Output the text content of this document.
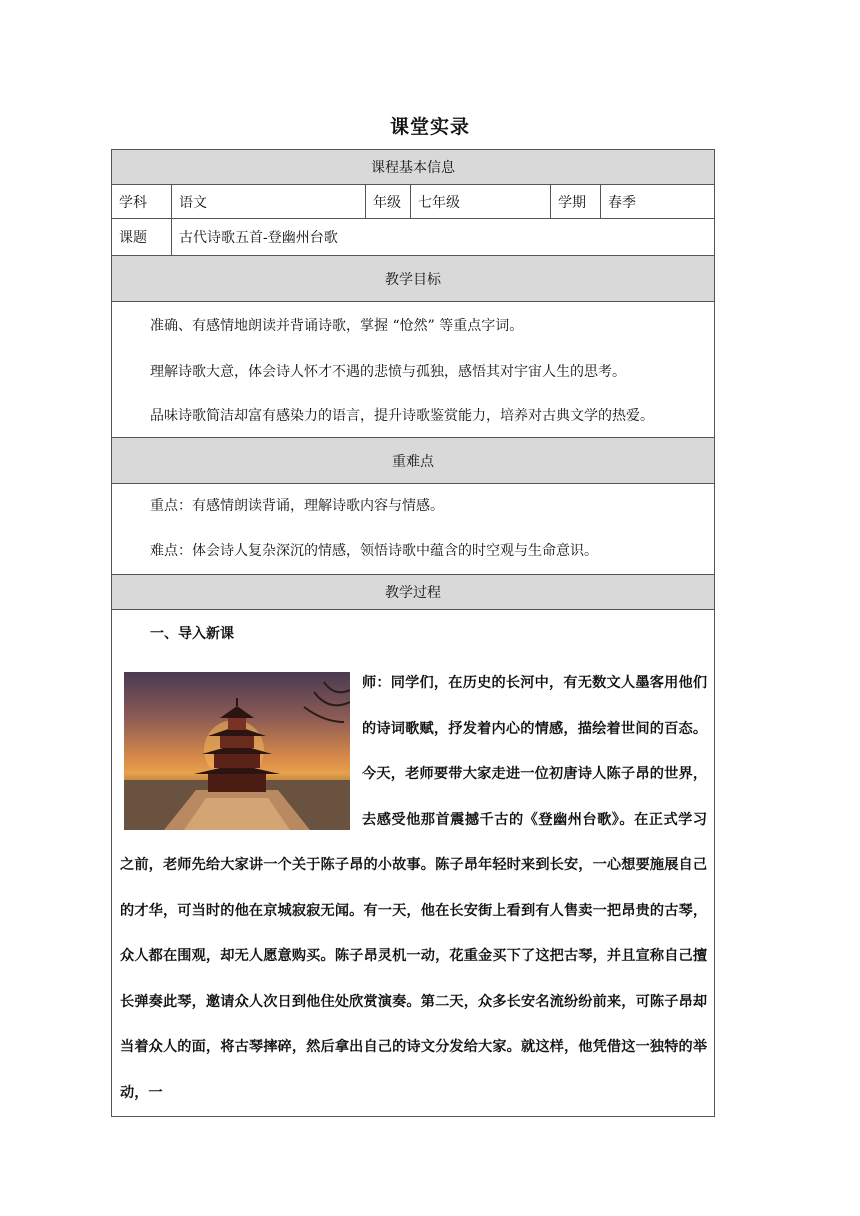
课堂实录
课程基本信息					
学科	语文	年级	七年级	学期	春季
课题	古代诗歌五首-登幽州台歌				
教学目标					

准确、有感情地朗读并背诵诗歌，掌握 “怆然” 等重点字词。

理解诗歌大意，体会诗人怀才不遇的悲愤与孤独，感悟其对宇宙人生的思考。

品味诗歌简洁却富有感染力的语言，提升诗歌鉴赏能力，培养对古典文学的热爱。					

重难点					

重点：有感情朗读背诵，理解诗歌内容与情感。

难点：体会诗人复杂深沉的情感，领悟诗歌中蕴含的时空观与生命意识。					

教学过程					

一、导入新课

师：同学们，在历史的长河中，有无数文人墨客用他们的诗词歌赋，抒发着内心的情感，描绘着世间的百态。今天，老师要带大家走进一位初唐诗人陈子昂的世界，去感受他那首震撼千古的《登幽州台歌》。在正式学习之前，老师先给大家讲一个关于陈子昂的小故事。陈子昂年轻时来到长安，一心想要施展自己的才华，可当时的他在京城寂寂无闻。有一天，他在长安街上看到有人售卖一把昂贵的古琴，众人都在围观，却无人愿意购买。陈子昂灵机一动，花重金买下了这把古琴，并且宣称自己擅长弹奏此琴，邀请众人次日到他住处欣赏演奏。第二天，众多长安名流纷纷前来，可陈子昂却当着众人的面，将古琴摔碎，然后拿出自己的诗文分发给大家。就这样，他凭借这一独特的举动，一					
